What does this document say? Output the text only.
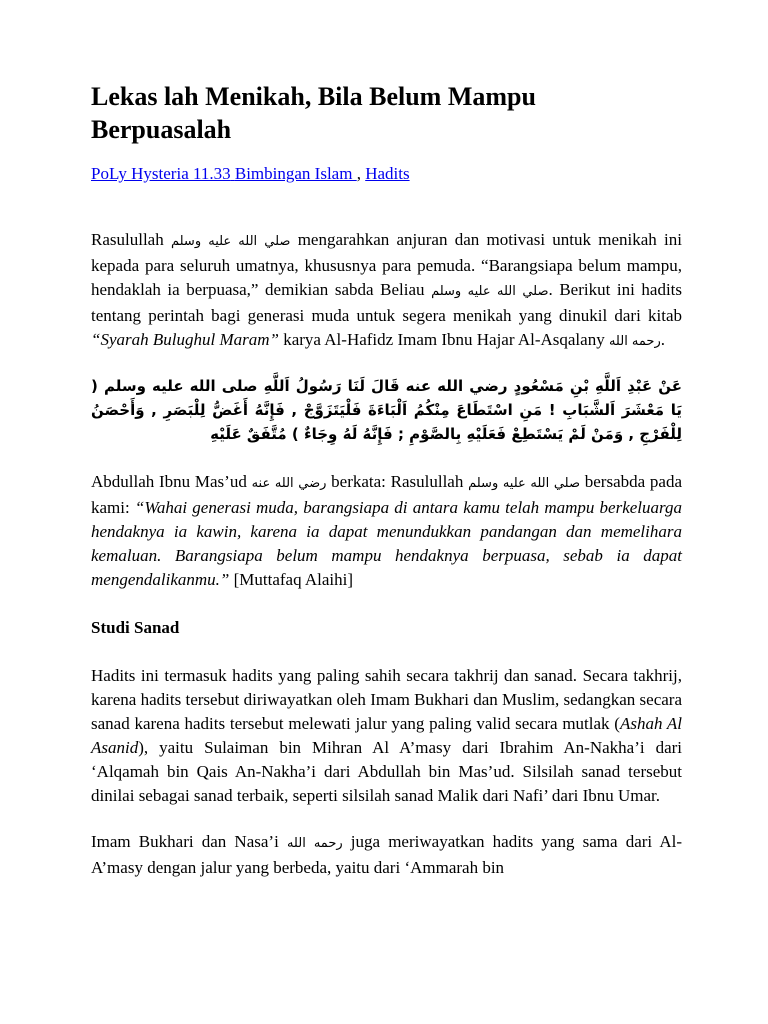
Lekas lah Menikah, Bila Belum Mampu Berpuasalah
PoLy Hysteria 11.33 Bimbingan Islam , Hadits

Rasulullah صلي الله عليه وسلم mengarahkan anjuran dan motivasi untuk menikah ini kepada para seluruh umatnya, khususnya para pemuda. “Barangsiapa belum mampu, hendaklah ia berpuasa,” demikian sabda Beliau صلي الله عليه وسلم. Berikut ini hadits tentang perintah bagi generasi muda untuk segera menikah yang dinukil dari kitab “Syarah Bulughul Maram” karya Al-Hafidz Imam Ibnu Hajar Al-Asqalany رحمه الله.

عَنْ عَبْدِ اَللَّهِ بْنِ مَسْعُودٍ رضي الله عنه قَالَ لَنَا رَسُولُ اَللَّهِ صلى الله عليه وسلم ( يَا مَعْشَرَ اَلشَّبَابِ ! مَنِ اسْتَطَاعَ مِنْكُمُ اَلْبَاءَةَ فَلْيَتَزَوَّجْ , فَإِنَّهُ أَغَضُّ لِلْبَصَرِ , وَأَحْصَنُ لِلْفَرْجِ , وَمَنْ لَمْ يَسْتَطِعْ فَعَلَيْهِ بِالصَّوْمِ ; فَإِنَّهُ لَهُ وِجَاءٌ ) مُتَّفَقٌ عَلَيْهِ

Abdullah Ibnu Mas’ud رضي الله عنه berkata: Rasulullah صلي الله عليه وسلم bersabda pada kami: “Wahai generasi muda, barangsiapa di antara kamu telah mampu berkeluarga hendaknya ia kawin, karena ia dapat menundukkan pandangan dan memelihara kemaluan. Barangsiapa belum mampu hendaknya berpuasa, sebab ia dapat mengendalikanmu.” [Muttafaq Alaihi]

Studi Sanad

Hadits ini termasuk hadits yang paling sahih secara takhrij dan sanad. Secara takhrij, karena hadits tersebut diriwayatkan oleh Imam Bukhari dan Muslim, sedangkan secara sanad karena hadits tersebut melewati jalur yang paling valid secara mutlak (Ashah Al Asanid), yaitu Sulaiman bin Mihran Al A’masy dari Ibrahim An-Nakha’i dari ‘Alqamah bin Qais An-Nakha’i dari Abdullah bin Mas’ud. Silsilah sanad tersebut dinilai sebagai sanad terbaik, seperti silsilah sanad Malik dari Nafi’ dari Ibnu Umar.

Imam Bukhari dan Nasa’i رحمه الله juga meriwayatkan hadits yang sama dari Al-A’masy dengan jalur yang berbeda, yaitu dari ‘Ammarah bin
